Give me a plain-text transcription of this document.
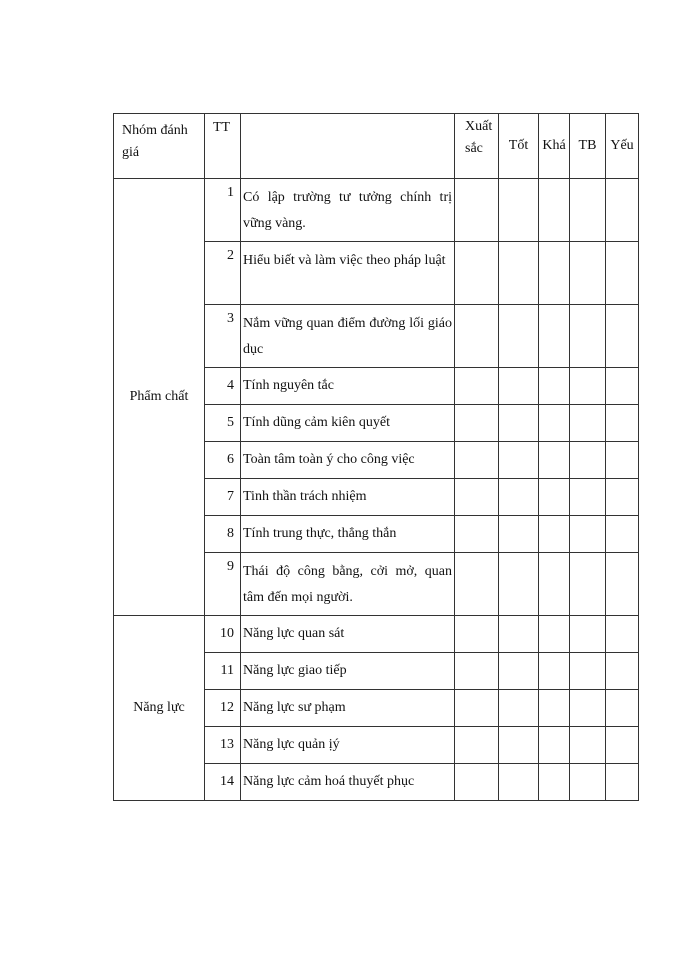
Nhóm đánh giá	TT		Xuất sắc	Tốt	Khá	TB	Yếu
Phẩm chất	1	Có lập trường tư tưởng chính trị vững vàng.					
	2	Hiểu biết và làm việc theo pháp luật					
	3	Nắm vững quan điểm đường lối giáo dục					
	4	Tính nguyên tắc					
	5	Tính dũng cảm kiên quyết					
	6	Toàn tâm toàn ý cho công việc					
	7	Tinh thần trách nhiệm					
	8	Tính trung thực, thẳng thắn					
	9	Thái độ công bằng, cởi mở, quan tâm đến mọi người.					
Năng lực	10	Năng lực quan sát					
	11	Năng lực giao tiếp					
	12	Năng lực sư phạm					
	13	Năng lực quản ịý					
	14	Năng lực cảm hoá thuyết phục					
